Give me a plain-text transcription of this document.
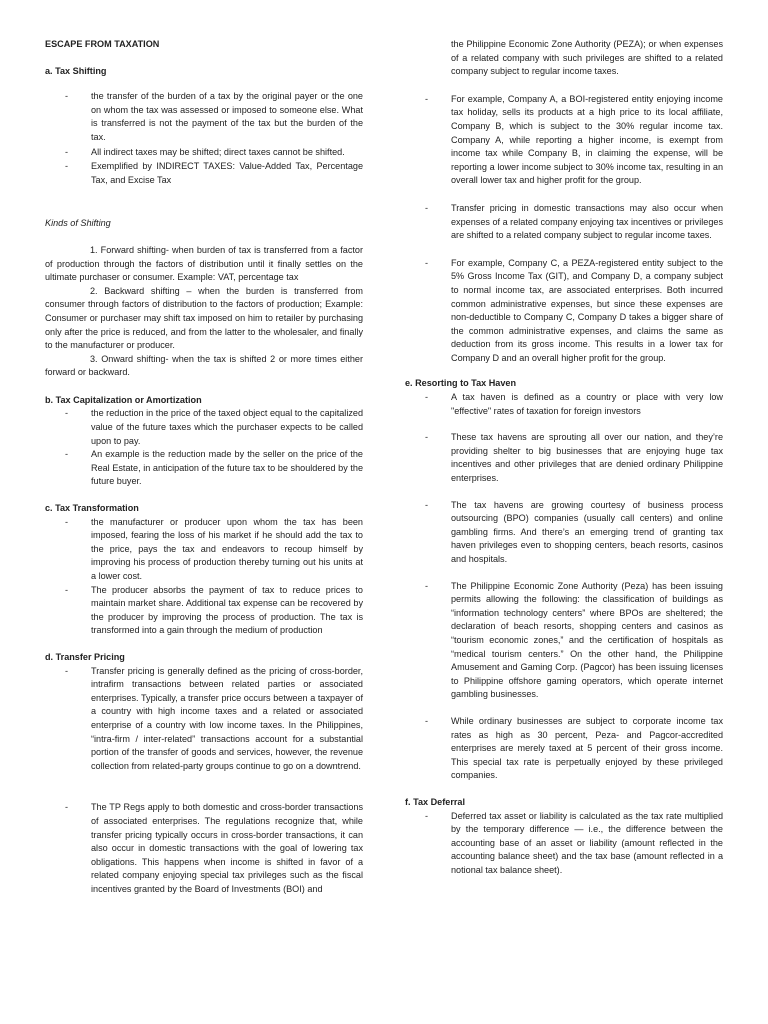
ESCAPE FROM TAXATION

a. Tax Shifting

-	the transfer of the burden of a tax by the original payer or the one on whom the tax was assessed or imposed to someone else. What is transferred is not the payment of the tax but the burden of the tax.
-	All indirect taxes may be shifted; direct taxes cannot be shifted.
-	Exemplified by INDIRECT TAXES: Value-Added Tax, Percentage Tax, and Excise Tax

Kinds of Shifting

1. Forward shifting- when burden of tax is transferred from a factor of production through the factors of distribution until it finally settles on the ultimate purchaser or consumer. Example: VAT, percentage tax

2. Backward shifting – when the burden is transferred from consumer through factors of distribution to the factors of production; Example: Consumer or purchaser may shift tax imposed on him to retailer by purchasing only after the price is reduced, and from the latter to the wholesaler, and finally to the manufacturer or producer.

3. Onward shifting- when the tax is shifted 2 or more times either forward or backward.

b. Tax Capitalization or Amortization

-	the reduction in the price of the taxed object equal to the capitalized value of the future taxes which the purchaser expects to be called upon to pay.
-	An example is the reduction made by the seller on the price of the Real Estate, in anticipation of the future tax to be shouldered by the future buyer.

c. Tax Transformation

-	the manufacturer or producer upon whom the tax has been imposed, fearing the loss of his market if he should add the tax to the price, pays the tax and endeavors to recoup himself by improving his process of production thereby turning out his units at a lower cost.
-	The producer absorbs the payment of tax to reduce prices to maintain market share. Additional tax expense can be recovered by the producer by improving the process of production. The tax is transformed into a gain through the medium of production

d. Transfer Pricing

-	Transfer pricing is generally defined as the pricing of cross-border, intrafirm transactions between related parties or associated enterprises. Typically, a transfer price occurs between a taxpayer of a country with high income taxes and a related or associated enterprise of a country with low income taxes. In the Philippines, “intra-firm / inter-related” transactions account for a substantial portion of the transfer of goods and services, however, the revenue collection from related-party groups continue to go on a downtrend.
-	The TP Regs apply to both domestic and cross-border transactions of associated enterprises. The regulations recognize that, while transfer pricing typically occurs in cross-border transactions, it can also occur in domestic transactions with the goal of lowering tax obligations. This happens when income is shifted in favor of a related company enjoying special tax privileges such as the fiscal incentives granted by the Board of Investments (BOI) and
the Philippine Economic Zone Authority (PEZA); or when expenses of a related company with such privileges are shifted to a related company subject to regular income taxes.
-	For example, Company A, a BOI-registered entity enjoying income tax holiday, sells its products at a high price to its local affiliate, Company B, which is subject to the 30% regular income tax. Company A, while reporting a higher income, is exempt from income tax while Company B, in claiming the expense, will be reporting a lower income subject to 30% income tax, resulting in an overall lower tax and higher profit for the group.
-	Transfer pricing in domestic transactions may also occur when expenses of a related company enjoying tax incentives or privileges are shifted to a related company subject to regular income taxes.
-	For example, Company C, a PEZA-registered entity subject to the 5% Gross Income Tax (GIT), and Company D, a company subject to normal income tax, are associated enterprises. Both incurred common administrative expenses, but since these expenses are non-deductible to Company C, Company D takes a bigger share of the common administrative expenses, and claims the same as deduction from its gross income. This results in a lower tax for Company D and an overall higher profit for the group.

e. Resorting to Tax Haven

-	A tax haven is defined as a country or place with very low "effective" rates of taxation for foreign investors
-	These tax havens are sprouting all over our nation, and they’re providing shelter to big businesses that are enjoying huge tax incentives and other privileges that are denied ordinary Philippine enterprises.
-	The tax havens are growing courtesy of business process outsourcing (BPO) companies (usually call centers) and online gambling firms. And there’s an emerging trend of granting tax haven privileges even to shopping centers, beach resorts, casinos and hospitals.
-	The Philippine Economic Zone Authority (Peza) has been issuing permits allowing the following: the classification of buildings as “information technology centers” where BPOs are sheltered; the declaration of beach resorts, shopping centers and casinos as “tourism economic zones,” and the certification of hospitals as “medical tourism centers.” On the other hand, the Philippine Amusement and Gaming Corp. (Pagcor) has been issuing licenses to Philippine offshore gaming operators, which operate internet gambling businesses.
-	While ordinary businesses are subject to corporate income tax rates as high as 30 percent, Peza- and Pagcor-accredited enterprises are merely taxed at 5 percent of their gross income. This special tax rate is perpetually enjoyed by these privileged companies.

f. Tax Deferral

-	Deferred tax asset or liability is calculated as the tax rate multiplied by the temporary difference — i.e., the difference between the accounting base of an asset or liability (amount reflected in the accounting balance sheet) and the tax base (amount reflected in a notional tax balance sheet).
